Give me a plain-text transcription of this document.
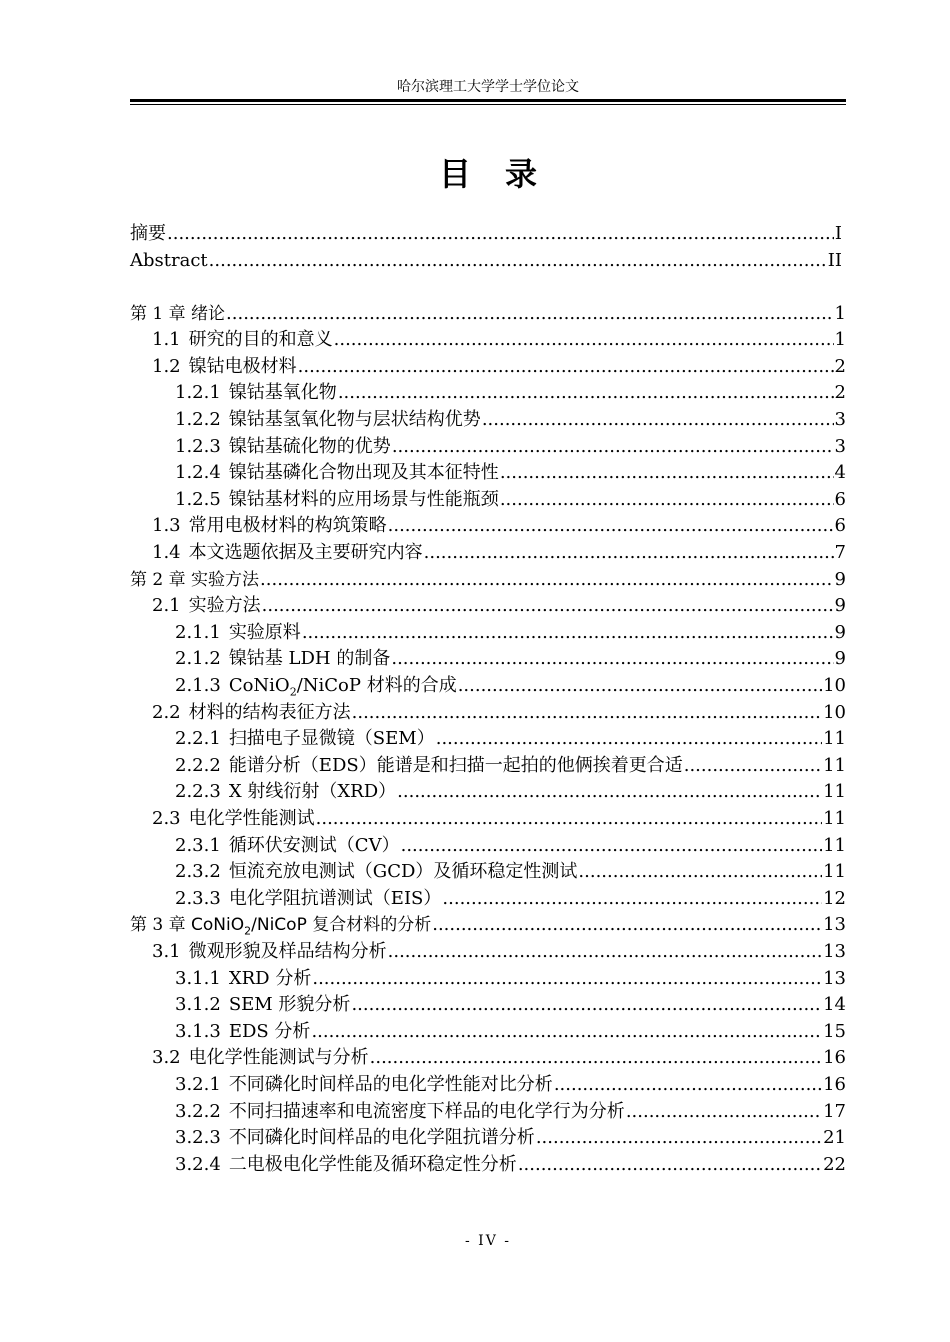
哈尔滨理工大学学士学位论文
目 录
摘要 .....	I
Abstract .....	II
第 1 章 绪论 .....	1
1.1 研究的目的和意义 .....	1
1.2 镍钴电极材料 .....	2
1.2.1 镍钴基氧化物 .....	2
1.2.2 镍钴基氢氧化物与层状结构优势 .....	3
1.2.3 镍钴基硫化物的优势 .....	3
1.2.4 镍钴基磷化合物出现及其本征特性 .....	4
1.2.5 镍钴基材料的应用场景与性能瓶颈 .....	6
1.3 常用电极材料的构筑策略 .....	6
1.4 本文选题依据及主要研究内容 .....	7
第 2 章 实验方法 .....	9
2.1 实验方法 .....	9
2.1.1 实验原料 .....	9
2.1.2 镍钴基 LDH 的制备 .....	9
2.1.3 CoNiO$_2$/NiCoP 材料的合成 .....	10
2.2 材料的结构表征方法 .....	10
2.2.1 扫描电子显微镜（SEM） .....	11
2.2.2 能谱分析（EDS）能谱是和扫描一起拍的他俩挨着更合适 .....	11
2.2.3 X 射线衍射（XRD） .....	11
2.3 电化学性能测试 .....	11
2.3.1 循环伏安测试（CV） .....	11
2.3.2 恒流充放电测试（GCD）及循环稳定性测试 .....	11
2.3.3 电化学阻抗谱测试（EIS） .....	12
第 3 章 CoNiO$_2$/NiCoP 复合材料的分析 .....	13
3.1 微观形貌及样品结构分析 .....	13
3.1.1 XRD 分析 .....	13
3.1.2 SEM 形貌分析 .....	14
3.1.3 EDS 分析 .....	15
3.2 电化学性能测试与分析 .....	16
3.2.1 不同磷化时间样品的电化学性能对比分析 .....	16
3.2.2 不同扫描速率和电流密度下样品的电化学行为分析 .....	17
3.2.3 不同磷化时间样品的电化学阻抗谱分析 .....	21
3.2.4 二电极电化学性能及循环稳定性分析 .....	22
- IV -
